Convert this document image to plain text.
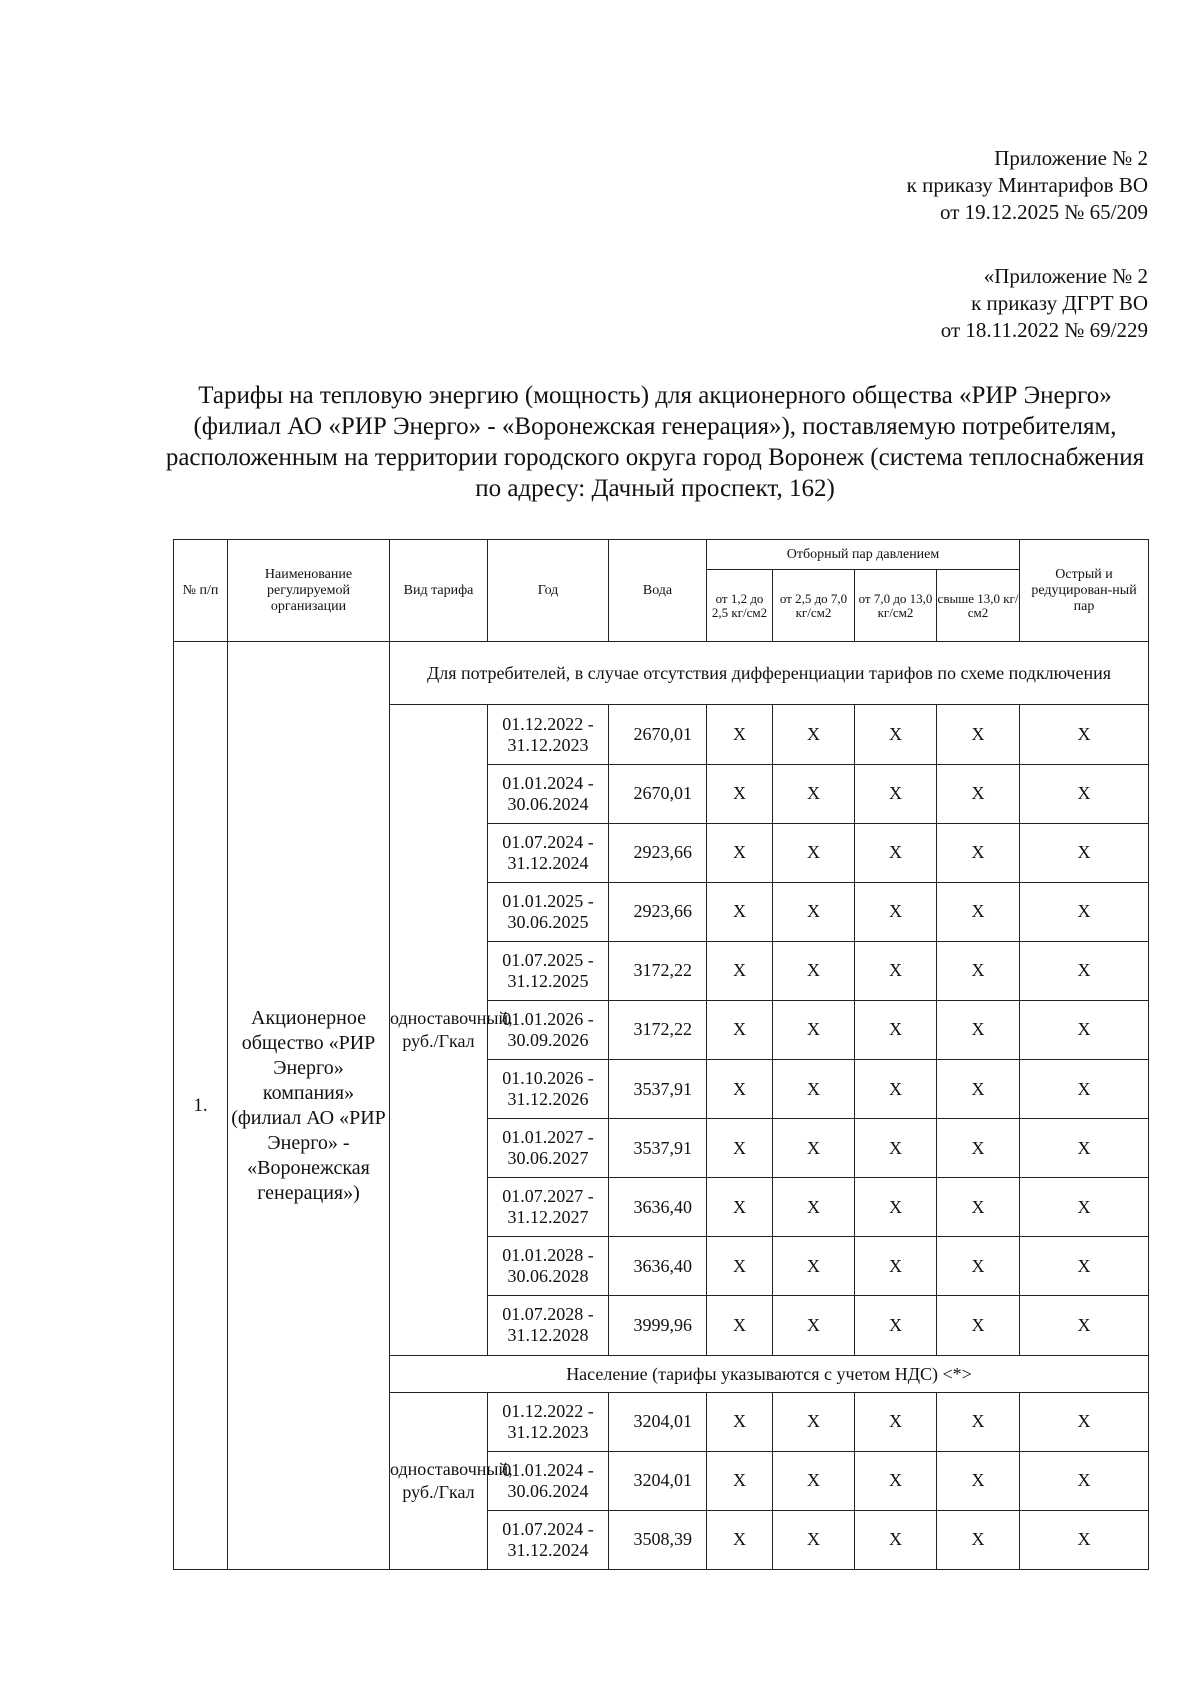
Приложение № 2
к приказу Минтарифов ВО
от 19.12.2025 № 65/209
«Приложение № 2
к приказу ДГРТ ВО
от 18.11.2022 № 69/229
Тарифы на тепловую энергию (мощность) для акционерного общества «РИР Энерго» (филиал АО «РИР Энерго» - «Воронежская генерация»), поставляемую потребителям, расположенным на территории городского округа город Воронеж (система теплоснабжения по адресу: Дачный проспект, 162)
№ п/п	Наименование регулируемой организации	Вид тарифа	Год	Вода	Отборный пар давлением				Острый и редуцирован-ный пар
					от 1,2 до 2,5 кг/см2	от 2,5 до 7,0 кг/см2	от 7,0 до 13,0 кг/см2	свыше 13,0 кг/см2	
1.	Акционерное общество «РИР Энерго» компания» (филиал АО «РИР Энерго» - «Воронежская генерация»)	Для потребителей, в случае отсутствия дифференциации тарифов по схеме подключения							
		одноставочный, руб./Гкал	01.12.2022 - 31.12.2023	2670,01	X	X	X	X	X
			01.01.2024 - 30.06.2024	2670,01	X	X	X	X	X
			01.07.2024 - 31.12.2024	2923,66	X	X	X	X	X
			01.01.2025 - 30.06.2025	2923,66	X	X	X	X	X
			01.07.2025 - 31.12.2025	3172,22	X	X	X	X	X
			01.01.2026 - 30.09.2026	3172,22	X	X	X	X	X
			01.10.2026 - 31.12.2026	3537,91	X	X	X	X	X
			01.01.2027 - 30.06.2027	3537,91	X	X	X	X	X
			01.07.2027 - 31.12.2027	3636,40	X	X	X	X	X
			01.01.2028 - 30.06.2028	3636,40	X	X	X	X	X
			01.07.2028 - 31.12.2028	3999,96	X	X	X	X	X
		Население (тарифы указываются с учетом НДС) <*>							
		одноставочный, руб./Гкал	01.12.2022 - 31.12.2023	3204,01	X	X	X	X	X
			01.01.2024 - 30.06.2024	3204,01	X	X	X	X	X
			01.07.2024 - 31.12.2024	3508,39	X	X	X	X	X
